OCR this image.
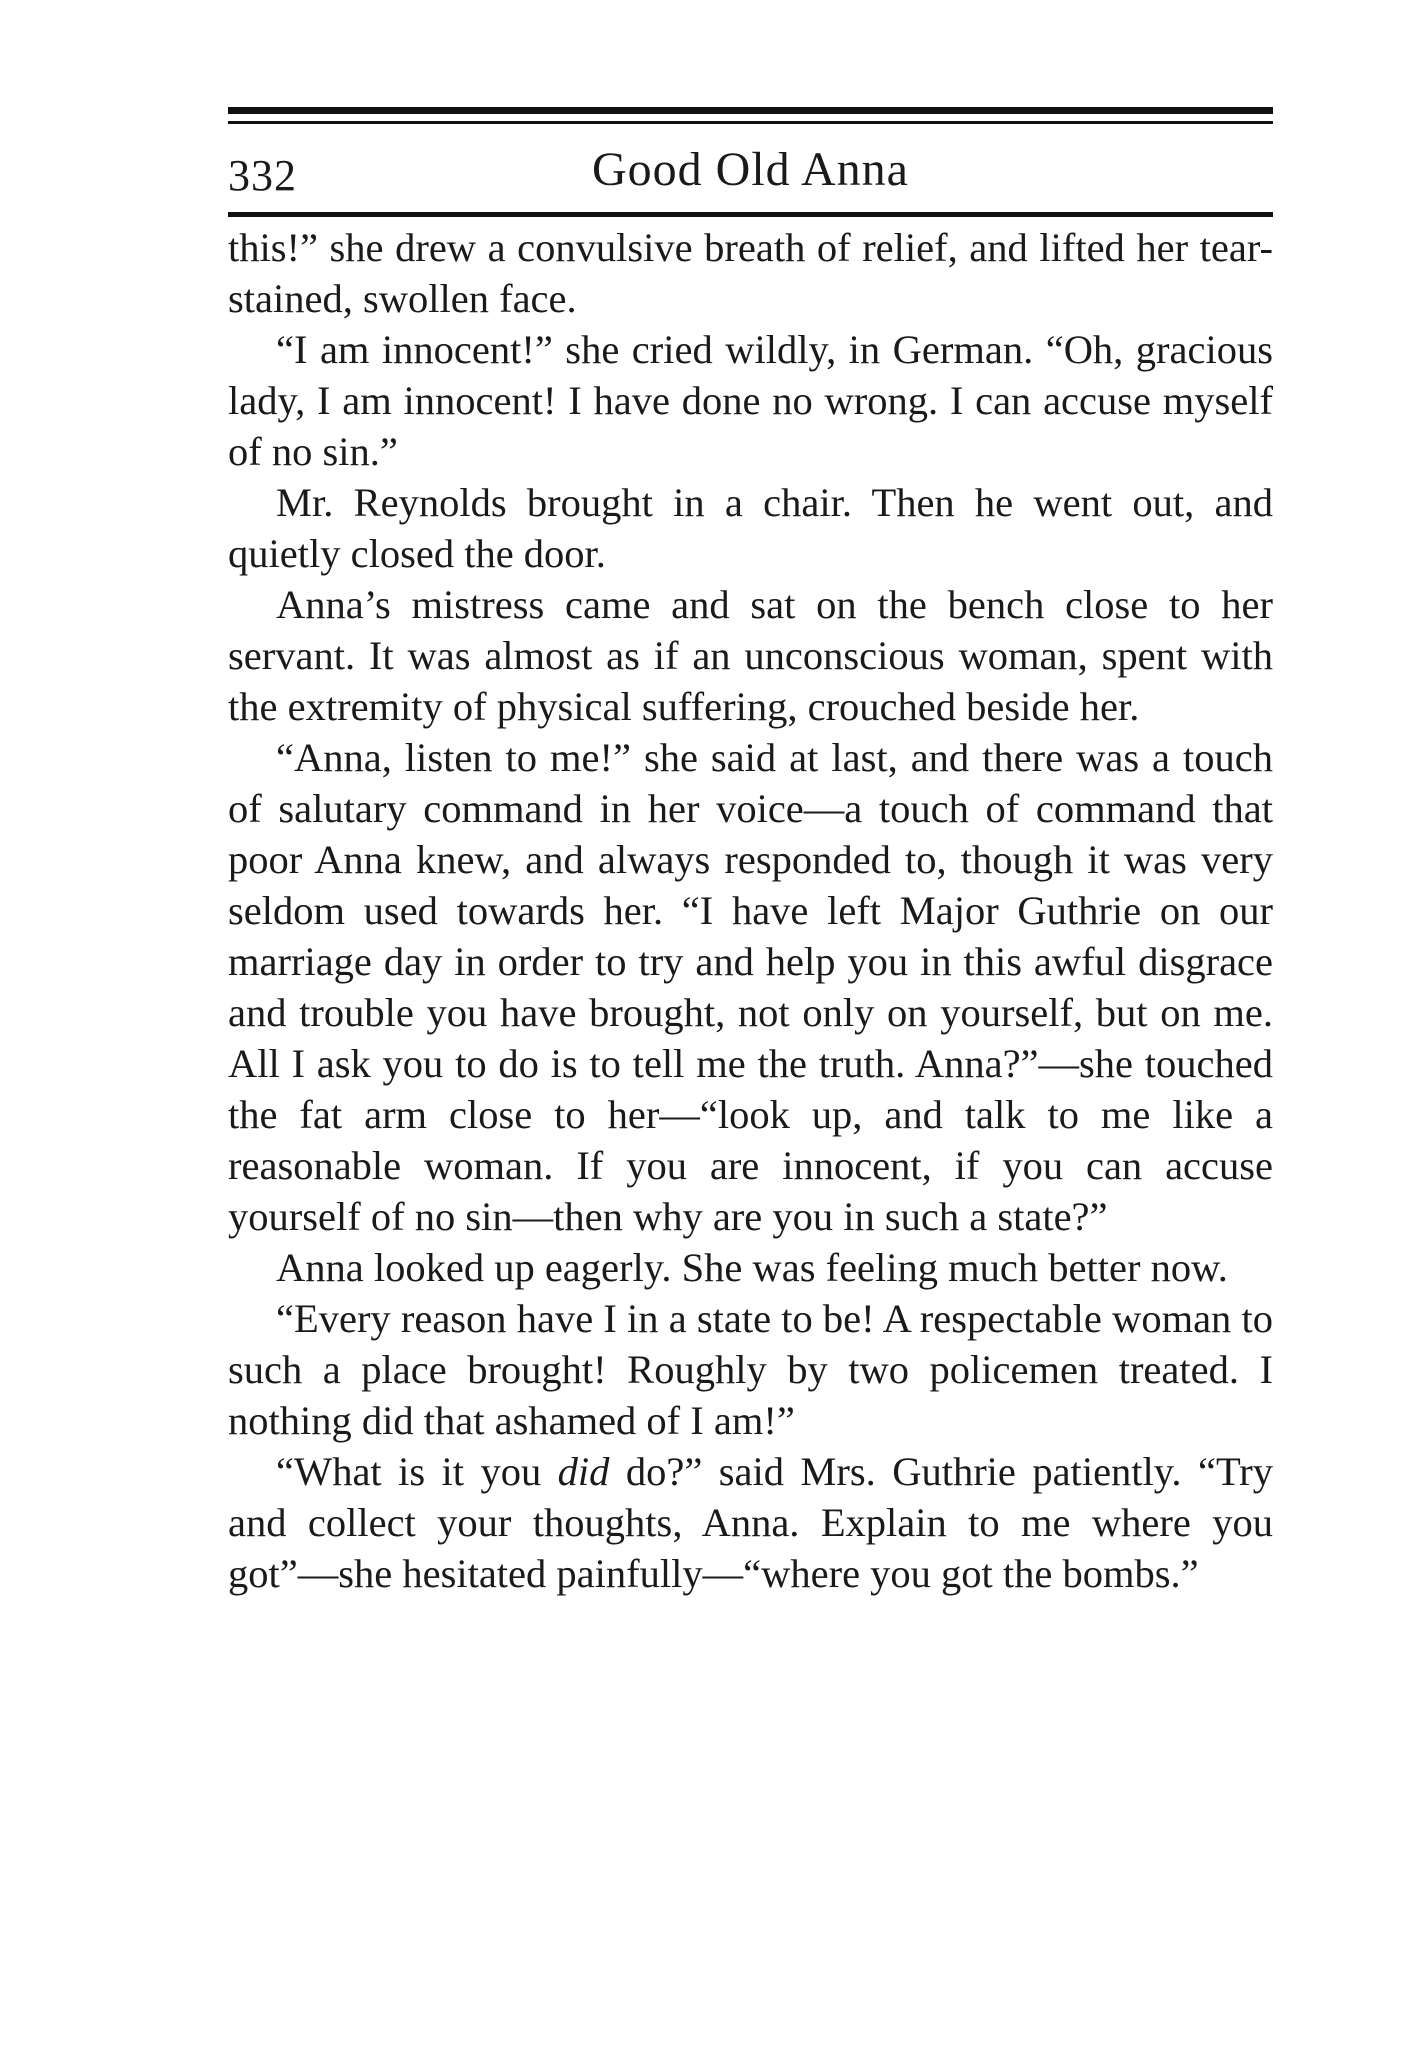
332	Good Old Anna

this!” she drew a convulsive breath of relief, and lifted her tear-stained, swollen face.

“I am innocent!” she cried wildly, in German. “Oh, gracious lady, I am innocent! I have done no wrong. I can accuse myself of no sin.”

Mr. Reynolds brought in a chair. Then he went out, and quietly closed the door.

Anna’s mistress came and sat on the bench close to her servant. It was almost as if an unconscious woman, spent with the extremity of physical suffering, crouched beside her.

“Anna, listen to me!” she said at last, and there was a touch of salutary command in her voice—a touch of command that poor Anna knew, and always responded to, though it was very seldom used towards her. “I have left Major Guthrie on our marriage day in order to try and help you in this awful disgrace and trouble you have brought, not only on yourself, but on me. All I ask you to do is to tell me the truth. Anna?”—she touched the fat arm close to her—“look up, and talk to me like a reasonable woman. If you are innocent, if you can accuse yourself of no sin—then why are you in such a state?”

Anna looked up eagerly. She was feeling much better now.

“Every reason have I in a state to be! A respectable woman to such a place brought! Roughly by two policemen treated. I nothing did that ashamed of I am!”

“What is it you did do?” said Mrs. Guthrie patiently. “Try and collect your thoughts, Anna. Explain to me where you got”—she hesitated painfully—“where you got the bombs.”
